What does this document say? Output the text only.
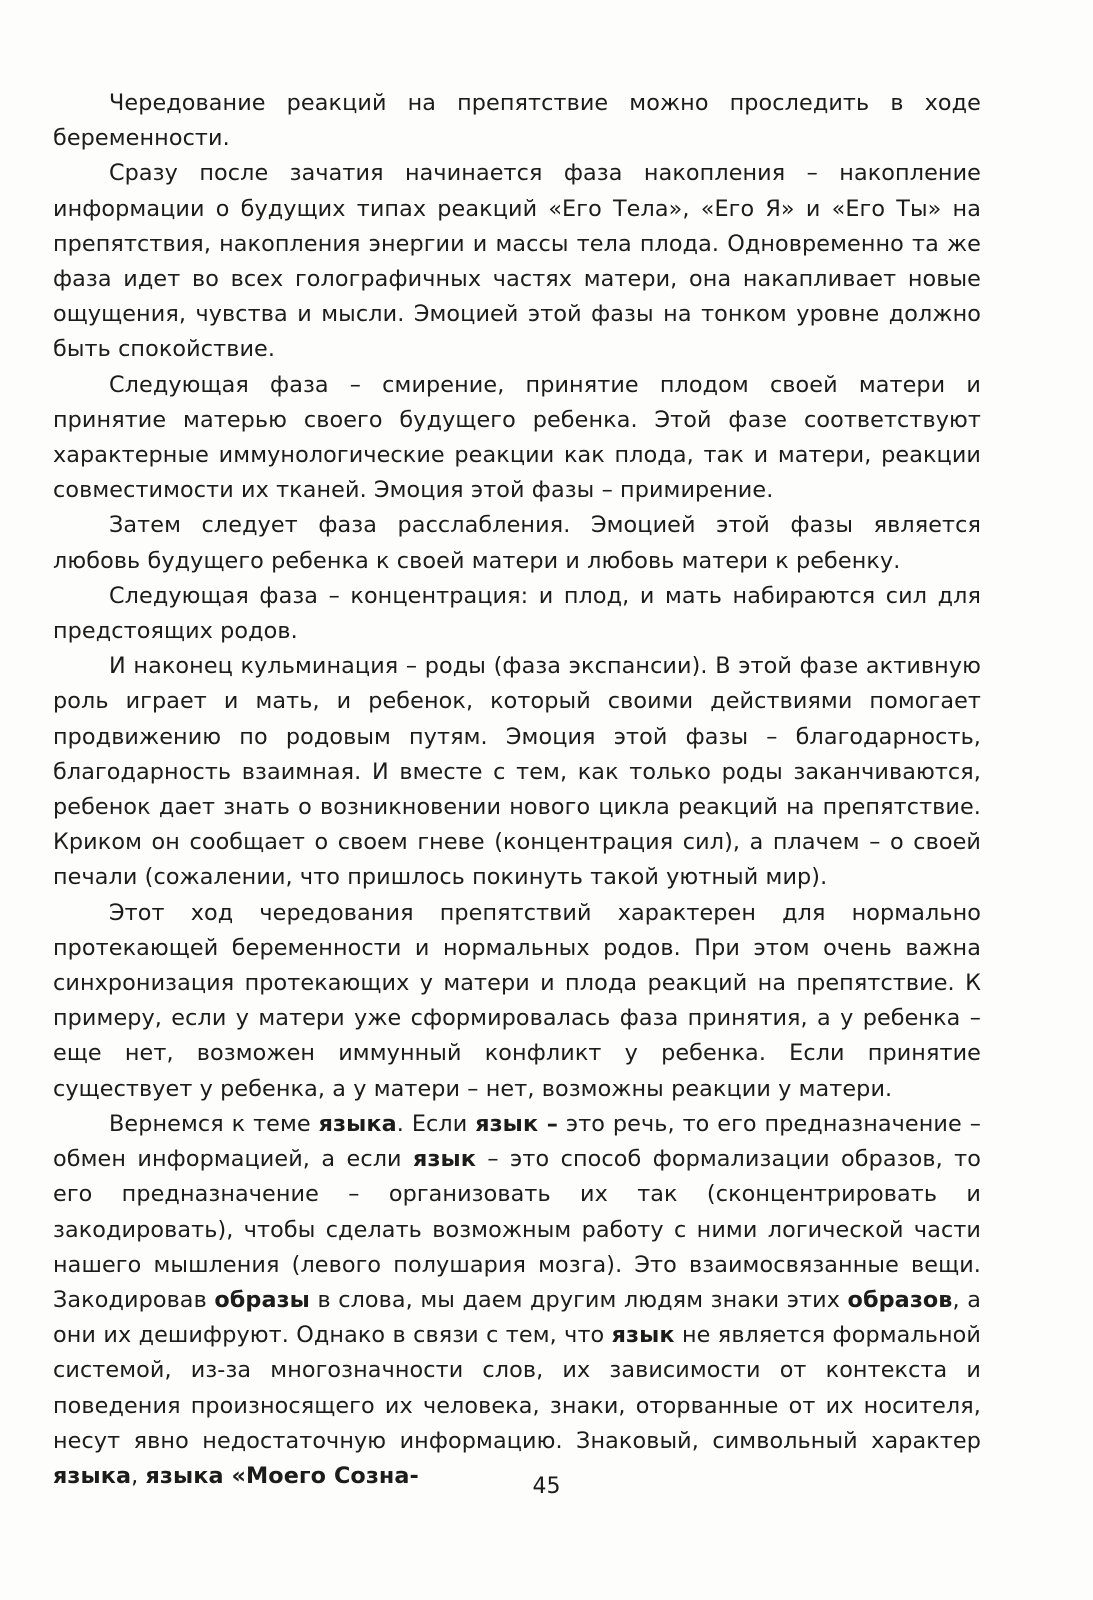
Чередование реакций на препятствие можно проследить в ходе беременности.

Сразу после зачатия начинается фаза накопления – накопление информации о будущих типах реакций «Его Тела», «Его Я» и «Его Ты» на препятствия, накопления энергии и массы тела плода. Одновременно та же фаза идет во всех голографичных частях матери, она накапливает новые ощущения, чувства и мысли. Эмоцией этой фазы на тонком уровне должно быть спокойствие.

Следующая фаза – смирение, принятие плодом своей матери и принятие матерью своего будущего ребенка. Этой фазе соответствуют характерные иммунологические реакции как плода, так и матери, реакции совместимости их тканей. Эмоция этой фазы – примирение.

Затем следует фаза расслабления. Эмоцией этой фазы является любовь будущего ребенка к своей матери и любовь матери к ребенку.

Следующая фаза – концентрация: и плод, и мать набираются сил для предстоящих родов.

И наконец кульминация – роды (фаза экспансии). В этой фазе активную роль играет и мать, и ребенок, который своими действиями помогает продвижению по родовым путям. Эмоция этой фазы – благодарность, благодарность взаимная. И вместе с тем, как только роды заканчиваются, ребенок дает знать о возникновении нового цикла реакций на препятствие. Криком он сообщает о своем гневе (концентрация сил), а плачем – о своей печали (сожалении, что пришлось покинуть такой уютный мир).

Этот ход чередования препятствий характерен для нормально протекающей беременности и нормальных родов. При этом очень важна синхронизация протекающих у матери и плода реакций на препятствие. К примеру, если у матери уже сформировалась фаза принятия, а у ребенка – еще нет, возможен иммунный конфликт у ребенка. Если принятие существует у ребенка, а у матери – нет, возможны реакции у матери.

Вернемся к теме языка. Если язык – это речь, то его предназначение – обмен информацией, а если язык – это способ формализации образов, то его предназначение – организовать их так (сконцентрировать и закодировать), чтобы сделать возможным работу с ними логической части нашего мышления (левого полушария мозга). Это взаимосвязанные вещи. Закодировав образы в слова, мы даем другим людям знаки этих образов, а они их дешифруют. Однако в связи с тем, что язык не является формальной системой, из-за многозначности слов, их зависимости от контекста и поведения произносящего их человека, знаки, оторванные от их носителя, несут явно недостаточную информацию. Знаковый, символьный характер языка, языка «Моего Созна-	45
